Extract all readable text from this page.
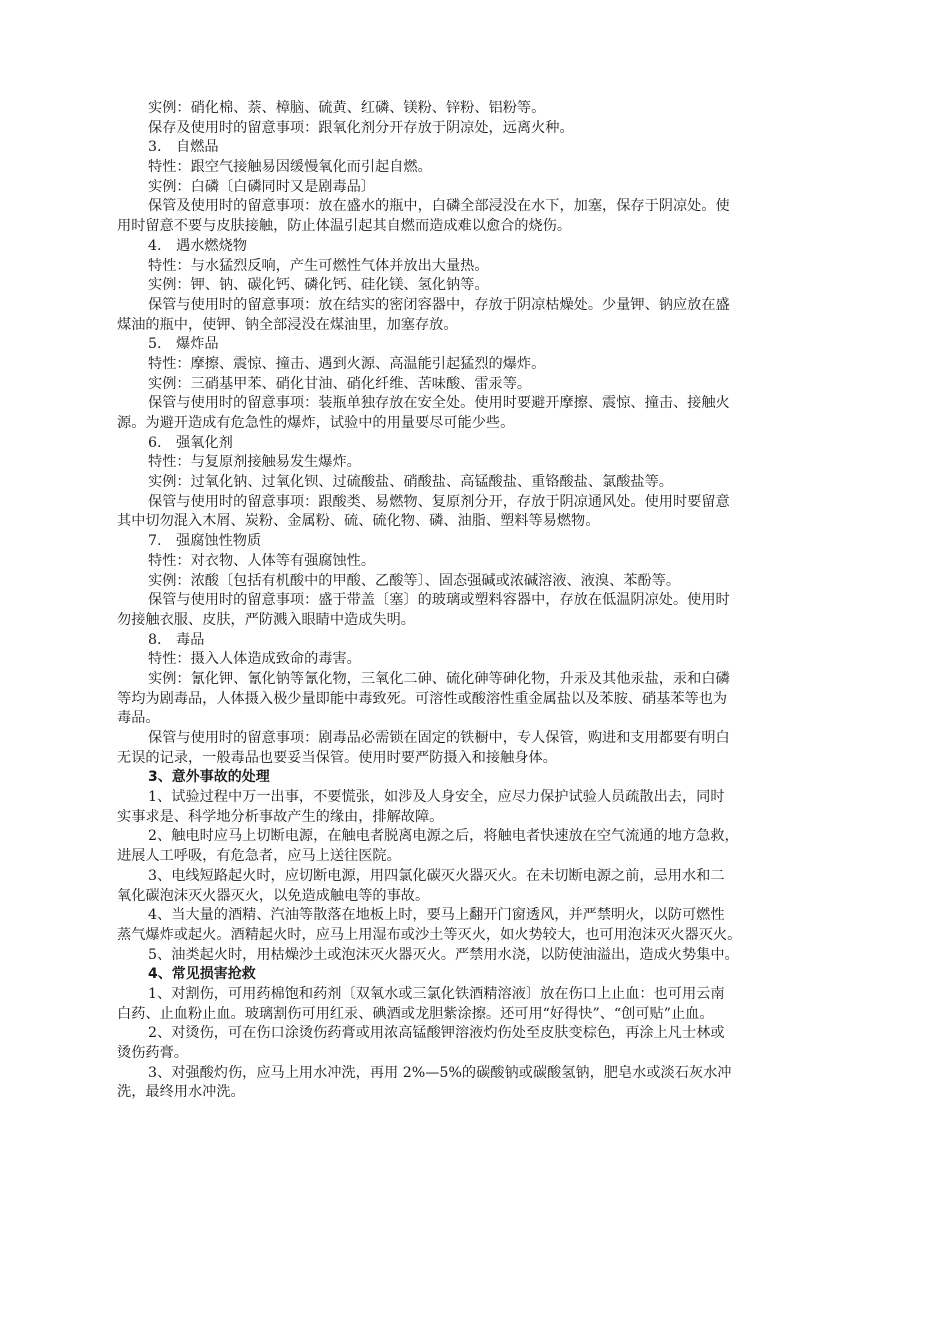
实例：硝化棉、萘、樟脑、硫黄、红磷、镁粉、锌粉、铝粉等。
保存及使用时的留意事项：跟氧化剂分开存放于阴凉处，远离火种。
3. 自燃品
特性：跟空气接触易因缓慢氧化而引起自燃。
实例：白磷〔白磷同时又是剧毒品〕
保管及使用时的留意事项：放在盛水的瓶中，白磷全部浸没在水下，加塞，保存于阴凉处。使
用时留意不要与皮肤接触，防止体温引起其自燃而造成难以愈合的烧伤。
4. 遇水燃烧物
特性：与水猛烈反响，产生可燃性气体并放出大量热。
实例：钾、钠、碳化钙、磷化钙、硅化镁、氢化钠等。
保管与使用时的留意事项：放在结实的密闭容器中，存放于阴凉枯燥处。少量钾、钠应放在盛
煤油的瓶中，使钾、钠全部浸没在煤油里，加塞存放。
5. 爆炸品
特性：摩擦、震惊、撞击、遇到火源、高温能引起猛烈的爆炸。
实例：三硝基甲苯、硝化甘油、硝化纤维、苦味酸、雷汞等。
保管与使用时的留意事项：装瓶单独存放在安全处。使用时要避开摩擦、震惊、撞击、接触火
源。为避开造成有危急性的爆炸，试验中的用量要尽可能少些。
6. 强氧化剂
特性：与复原剂接触易发生爆炸。
实例：过氧化钠、过氧化钡、过硫酸盐、硝酸盐、高锰酸盐、重铬酸盐、氯酸盐等。
保管与使用时的留意事项：跟酸类、易燃物、复原剂分开，存放于阴凉通风处。使用时要留意
其中切勿混入木屑、炭粉、金属粉、硫、硫化物、磷、油脂、塑料等易燃物。
7. 强腐蚀性物质
特性：对衣物、人体等有强腐蚀性。
实例：浓酸〔包括有机酸中的甲酸、乙酸等〕、固态强碱或浓碱溶液、液溴、苯酚等。
保管与使用时的留意事项：盛于带盖〔塞〕的玻璃或塑料容器中，存放在低温阴凉处。使用时
勿接触衣服、皮肤，严防溅入眼睛中造成失明。
8. 毒品
特性：摄入人体造成致命的毒害。
实例：氰化钾、氰化钠等氰化物，三氧化二砷、硫化砷等砷化物，升汞及其他汞盐，汞和白磷
等均为剧毒品，人体摄入极少量即能中毒致死。可溶性或酸溶性重金属盐以及苯胺、硝基苯等也为
毒品。
保管与使用时的留意事项：剧毒品必需锁在固定的铁橱中，专人保管，购进和支用都要有明白
无误的记录，一般毒品也要妥当保管。使用时要严防摄入和接触身体。
3、意外事故的处理
1、试验过程中万一出事，不要慌张，如涉及人身安全，应尽力保护试验人员疏散出去，同时
实事求是、科学地分析事故产生的缘由，排解故障。
2、触电时应马上切断电源，在触电者脱离电源之后，将触电者快速放在空气流通的地方急救，
进展人工呼吸，有危急者，应马上送往医院。
3、电线短路起火时，应切断电源，用四氯化碳灭火器灭火。在未切断电源之前，忌用水和二
氧化碳泡沫灭火器灭火，以免造成触电等的事故。
4、当大量的酒精、汽油等散落在地板上时，要马上翻开门窗透风，并严禁明火，以防可燃性
蒸气爆炸或起火。酒精起火时，应马上用湿布或沙土等灭火，如火势较大，也可用泡沫灭火器灭火。
5、油类起火时，用枯燥沙土或泡沫灭火器灭火。严禁用水浇，以防使油溢出，造成火势集中。
4、常见损害抢救
1、对割伤，可用药棉饱和药剂〔双氧水或三氯化铁酒精溶液〕放在伤口上止血：也可用云南
白药、止血粉止血。玻璃割伤可用红汞、碘酒或龙胆紫涂擦。还可用“好得快”、“创可贴”止血。
2、对烫伤，可在伤口涂烫伤药膏或用浓高锰酸钾溶液灼伤处至皮肤变棕色，再涂上凡士林或
烫伤药膏。
3、对强酸灼伤，应马上用水冲洗，再用 2%—5%的碳酸钠或碳酸氢钠，肥皂水或淡石灰水冲
洗，最终用水冲洗。
